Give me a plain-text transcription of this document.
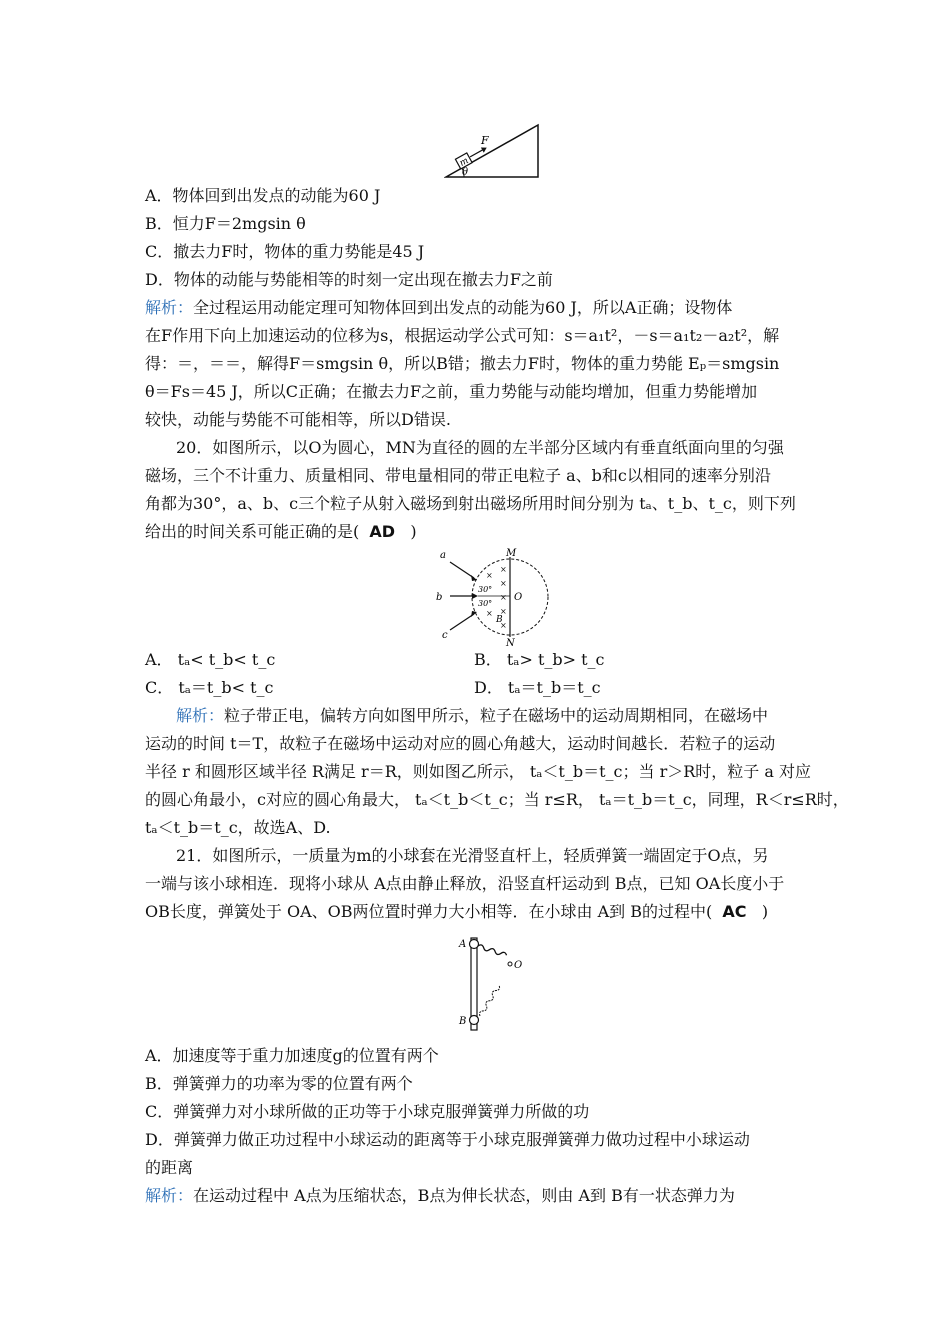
m
F
θ
A．物体回到出发点的动能为60 J
B．恒力F＝2mgsin θ
C．撤去力F时，物体的重力势能是45 J
D．物体的动能与势能相等的时刻一定出现在撤去力F之前
解析：全过程运用动能定理可知物体回到出发点的动能为60 J，所以A正确；设物体
在F作用下向上加速运动的位移为s，根据运动学公式可知：s＝a₁t²，－s＝a₁t₂－a₂t²，解
得：＝，＝＝，解得F＝smgsin θ，所以B错；撤去力F时，物体的重力势能 Eₚ＝smgsin
θ＝Fs＝45 J，所以C正确；在撤去力F之前，重力势能与动能均增加，但重力势能增加
较快，动能与势能不可能相等，所以D错误.
20．如图所示，以O为圆心，MN为直径的圆的左半部分区域内有垂直纸面向里的匀强
磁场，三个不计重力、质量相同、带电量相同的带正电粒子 a、b和c以相同的速率分别沿
角都为30°，a、b、c三个粒子从射入磁场到射出磁场所用时间分别为 tₐ、t_b、t_c，则下列
给出的时间关系可能正确的是( AD )
×
×
×
×
×
×
×
a
b
c
M
N
O
B
30°
30°
A． tₐ< t_b< t_c	B． tₐ> t_b> t_c
C． tₐ＝t_b< t_c	D． tₐ＝t_b＝t_c
解析：粒子带正电，偏转方向如图甲所示，粒子在磁场中的运动周期相同，在磁场中
运动的时间 t＝T，故粒子在磁场中运动对应的圆心角越大，运动时间越长．若粒子的运动
半径 r 和圆形区域半径 R满足 r＝R，则如图乙所示， tₐ＜t_b＝t_c；当 r＞R时，粒子 a 对应
的圆心角最小，c对应的圆心角最大， tₐ＜t_b＜t_c；当 r≤R， tₐ＝t_b＝t_c，同理，R＜r≤R时，
tₐ＜t_b＝t_c，故选A、D.
21．如图所示，一质量为m的小球套在光滑竖直杆上，轻质弹簧一端固定于O点，另
一端与该小球相连．现将小球从 A点由静止释放，沿竖直杆运动到 B点，已知 OA长度小于
OB长度，弹簧处于 OA、OB两位置时弹力大小相等．在小球由 A到 B的过程中( AC )
A
B
O
A．加速度等于重力加速度g的位置有两个
B．弹簧弹力的功率为零的位置有两个
C．弹簧弹力对小球所做的正功等于小球克服弹簧弹力所做的功
D．弹簧弹力做正功过程中小球运动的距离等于小球克服弹簧弹力做功过程中小球运动
的距离
解析：在运动过程中 A点为压缩状态，B点为伸长状态，则由 A到 B有一状态弹力为
